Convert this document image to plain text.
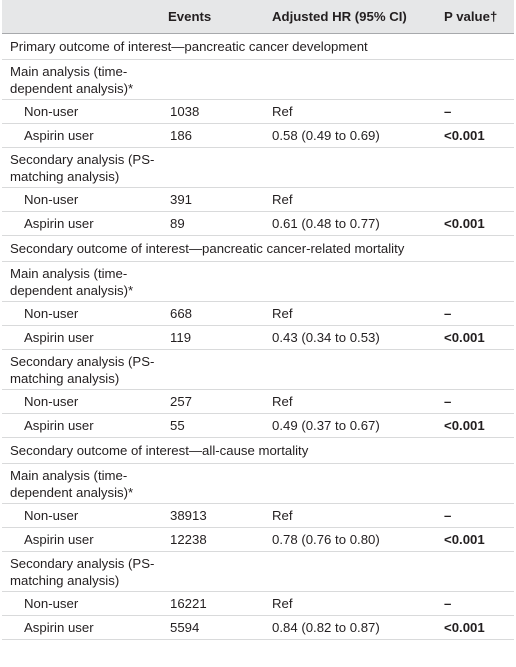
	Events	Adjusted HR (95% CI)	P value†
Primary outcome of interest—pancreatic cancer development			
Main analysis (time-dependent analysis)*			
Non-user	1038	Ref	–
Aspirin user	186	0.58 (0.49 to 0.69)	<0.001
Secondary analysis (PS-matching analysis)			
Non-user	391	Ref	
Aspirin user	89	0.61 (0.48 to 0.77)	<0.001
Secondary outcome of interest—pancreatic cancer-related mortality			
Main analysis (time-dependent analysis)*			
Non-user	668	Ref	–
Aspirin user	119	0.43 (0.34 to 0.53)	<0.001
Secondary analysis (PS-matching analysis)			
Non-user	257	Ref	–
Aspirin user	55	0.49 (0.37 to 0.67)	<0.001
Secondary outcome of interest—all-cause mortality			
Main analysis (time-dependent analysis)*			
Non-user	38913	Ref	–
Aspirin user	12238	0.78 (0.76 to 0.80)	<0.001
Secondary analysis (PS-matching analysis)			
Non-user	16221	Ref	–
Aspirin user	5594	0.84 (0.82 to 0.87)	<0.001
